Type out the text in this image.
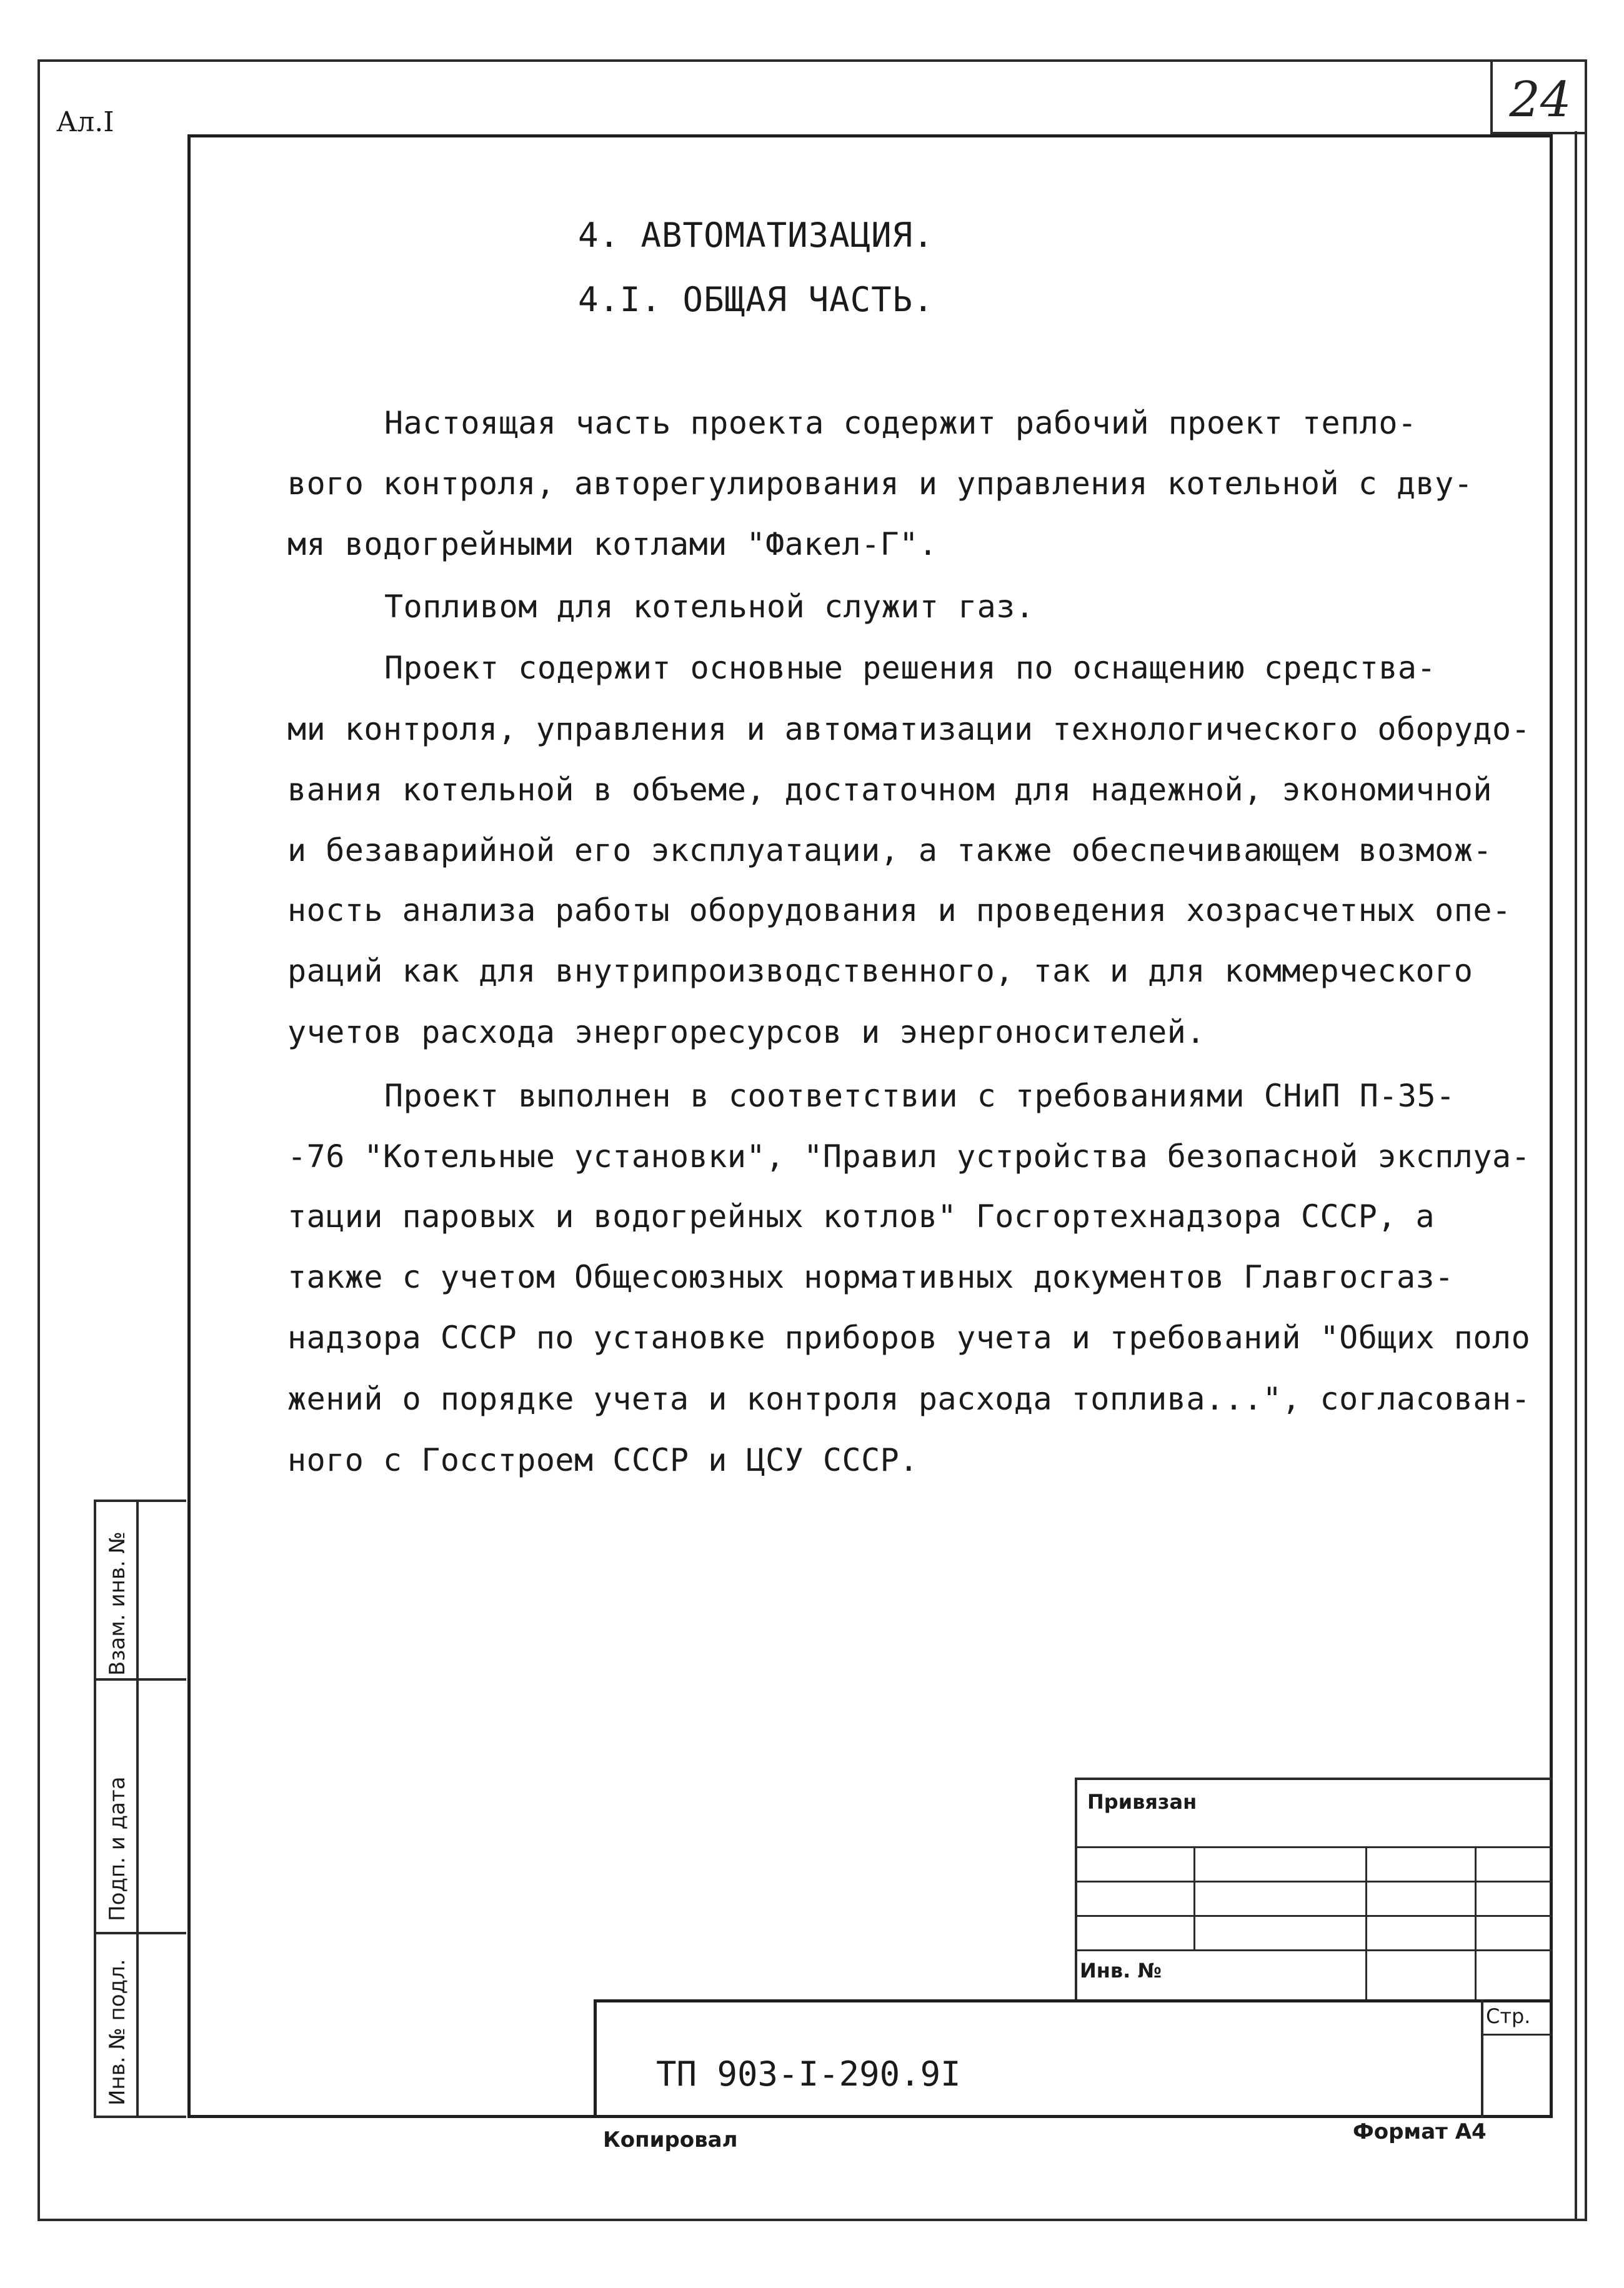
24
Ал.I
4. АВТОМАТИЗАЦИЯ.
4.I. ОБЩАЯ ЧАСТЬ.
Настоящая часть проекта содержит рабочий проект тепло-
вого контроля, авторегулирования и управления котельной с дву-
мя водогрейными котлами "Факел-Г".
Топливом для котельной служит газ.
Проект содержит основные решения по оснащению средства-
ми контроля, управления и автоматизации технологического оборудо-
вания котельной в объеме, достаточном для надежной, экономичной
и безаварийной его эксплуатации, а также обеспечивающем возмож-
ность анализа работы оборудования и проведения хозрасчетных опе-
раций как для внутрипроизводственного, так и для коммерческого
учетов расхода энергоресурсов и энергоносителей.
Проект выполнен в соответствии с требованиями СНиП П-35-
-76 "Котельные установки", "Правил устройства безопасной эксплуа-
тации паровых и водогрейных котлов" Госгортехнадзора СССР, а
также с учетом Общесоюзных нормативных документов Главгосгаз-
надзора СССР по установке приборов учета и требований "Общих поло
жений о порядке учета и контроля расхода топлива...", согласован-
ного с Госстроем СССР и ЦСУ СССР.
Взам. инв. №
Подп. и дата
Инв. № подл.
Привязан
Инв. №
ТП 903-I-290.9I
Стр.
Копировал	Формат А4
